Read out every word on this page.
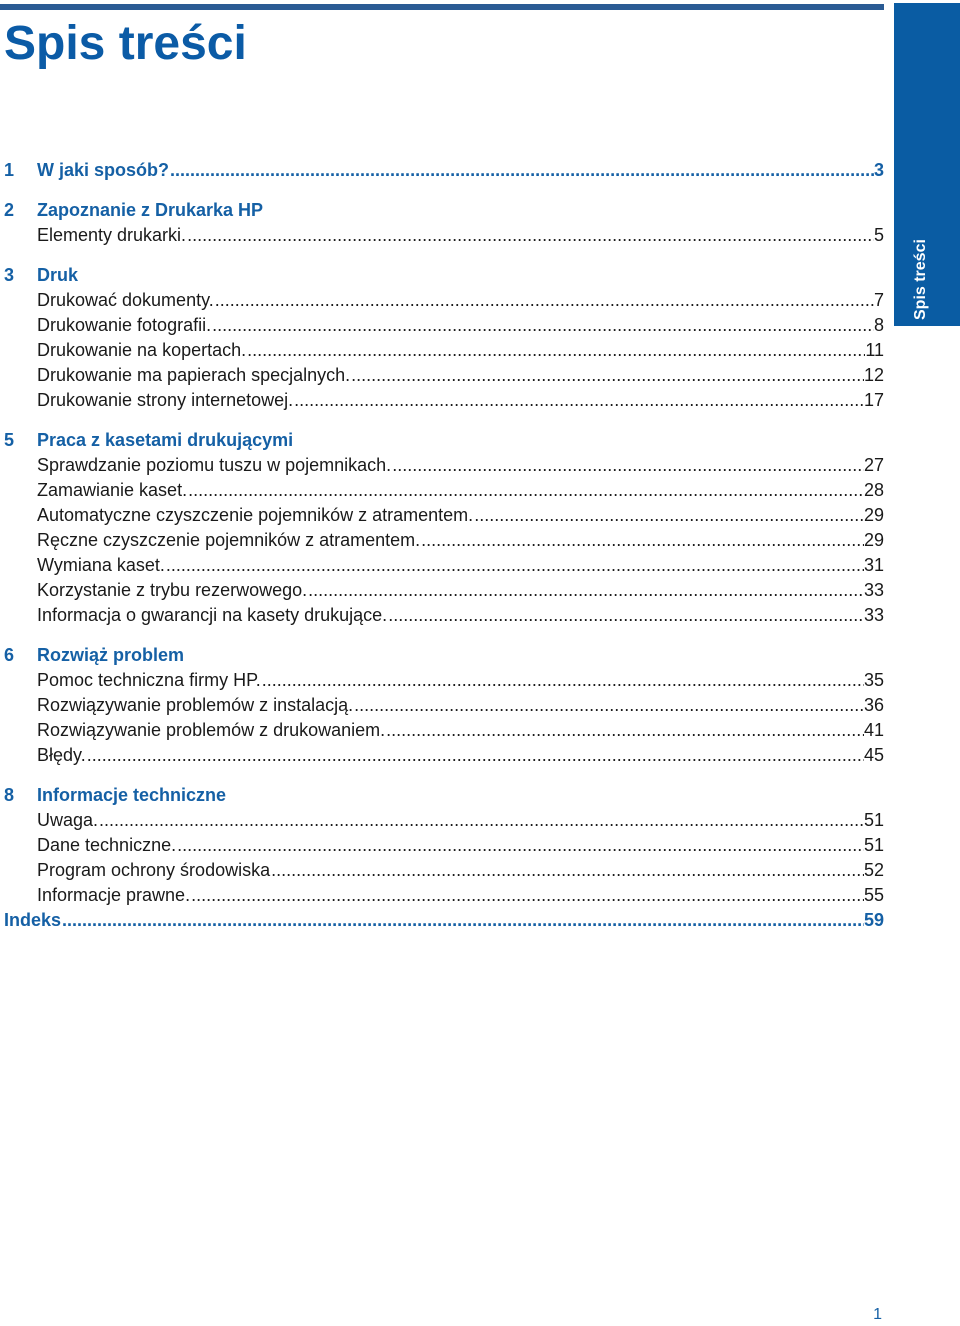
Spis treści
Spis treści
1	W jaki sposób? .....	3
2	Zapoznanie z Drukarka HP
Elementy drukarki. .....	5
3	Druk
Drukować dokumenty. .....	7
Drukowanie fotografii. .....	8
Drukowanie na kopertach. .....	11
Drukowanie ma papierach specjalnych. .....	12
Drukowanie strony internetowej. .....	17
5	Praca z kasetami drukującymi
Sprawdzanie poziomu tuszu w pojemnikach. .....	27
Zamawianie kaset. .....	28
Automatyczne czyszczenie pojemników z atramentem. .....	29
Ręczne czyszczenie pojemników z atramentem. .....	29
Wymiana kaset. .....	31
Korzystanie z trybu rezerwowego. .....	33
Informacja o gwarancji na kasety drukujące. .....	33
6	Rozwiąż problem
Pomoc techniczna firmy HP. .....	35
Rozwiązywanie problemów z instalacją. .....	36
Rozwiązywanie problemów z drukowaniem. .....	41
Błędy. .....	45
8	Informacje techniczne
Uwaga. .....	51
Dane techniczne. .....	51
Program ochrony środowiska .....	52
Informacje prawne. .....	55
Indeks .....	59
1
